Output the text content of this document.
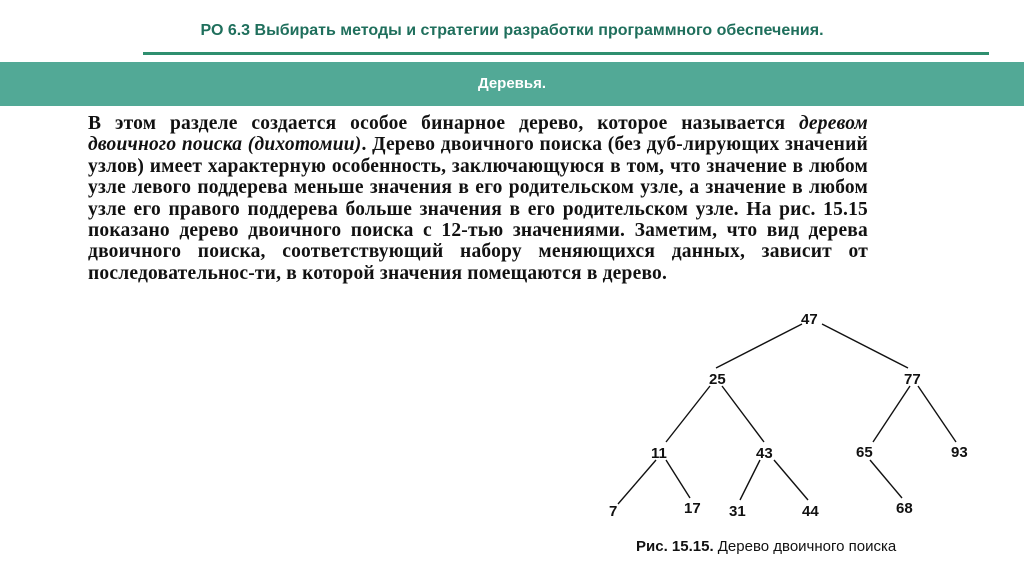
РО 6.3 Выбирать методы и стратегии разработки программного обеспечения.
Деревья.
В этом разделе создается особое бинарное дерево, которое называется деревом двоичного поиска (дихотомии). Дерево двоичного поиска (без дуб-лирующих значений узлов) имеет характерную особенность, заключающуюся в том, что значение в любом узле левого поддерева меньше значения в его родительском узле, а значение в любом узле его правого поддерева больше значения в его родительском узле. На рис. 15.15 показано дерево двоичного поиска с 12-тью значениями. Заметим, что вид дерева двоичного поиска, соответствующий набору меняющихся данных, зависит от последовательнос-ти, в которой значения помещаются в дерево.
47
25	77
11	43	65	93
7	17 31	44	68
Рис. 15.15. Дерево двоичного поиска
